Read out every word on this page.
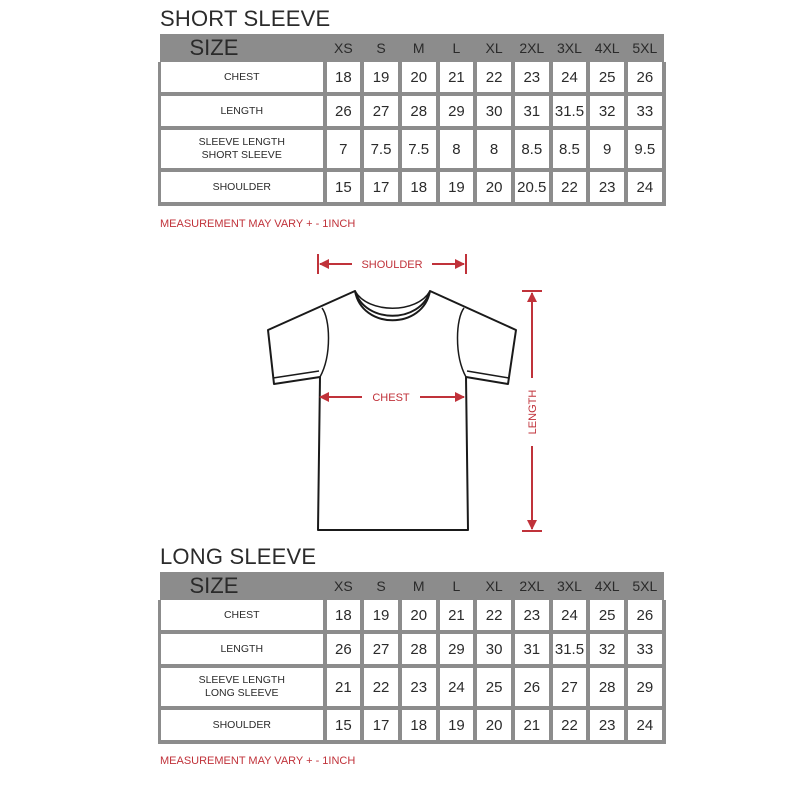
SHORT SLEEVE
SIZE	XS	S	M	L	XL	2XL	3XL	4XL	5XL
CHEST	18	19	20	21	22	23	24	25	26
LENGTH	26	27	28	29	30	31	31.5	32	33

SLEEVE LENGTH
SHORT SLEEVE	7	7.5	7.5	8	8	8.5	8.5	9	9.5
SHOULDER	15	17	18	19	20	20.5	22	23	24
MEASUREMENT MAY VARY + - 1INCH
SHOULDER
CHEST	LENGTH
LONG SLEEVE
SIZE	XS	S	M	L	XL	2XL	3XL	4XL	5XL
CHEST	18	19	20	21	22	23	24	25	26
LENGTH	26	27	28	29	30	31	31.5	32	33

SLEEVE LENGTH
LONG SLEEVE	21	22	23	24	25	26	27	28	29
SHOULDER	15	17	18	19	20	21	22	23	24
MEASUREMENT MAY VARY + - 1INCH
